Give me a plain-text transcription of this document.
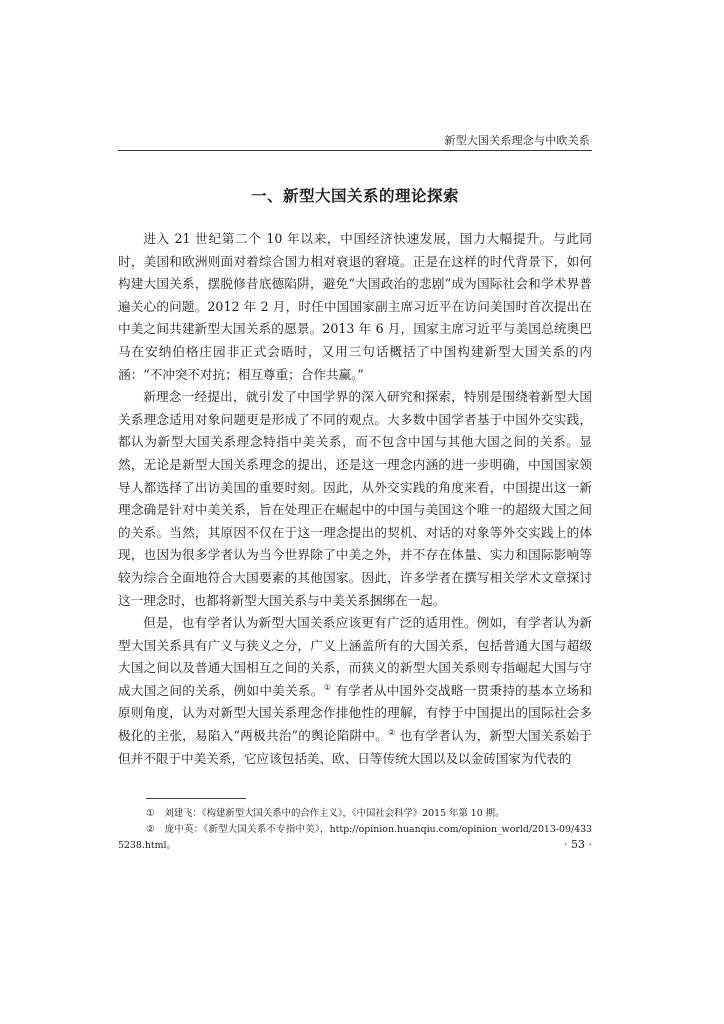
新型大国关系理念与中欧关系
一、新型大国关系的理论探索

进入 21 世纪第二个 10 年以来，中国经济快速发展，国力大幅提升。与此同时，美国和欧洲则面对着综合国力相对衰退的窘境。正是在这样的时代背景下，如何构建大国关系，摆脱修昔底德陷阱，避免“大国政治的悲剧”成为国际社会和学术界普遍关心的问题。2012 年 2 月，时任中国国家副主席习近平在访问美国时首次提出在中美之间共建新型大国关系的愿景。2013 年 6 月，国家主席习近平与美国总统奥巴马在安纳伯格庄园非正式会晤时，又用三句话概括了中国构建新型大国关系的内涵：“不冲突不对抗；相互尊重；合作共赢。”

新理念一经提出，就引发了中国学界的深入研究和探索，特别是围绕着新型大国关系理念适用对象问题更是形成了不同的观点。大多数中国学者基于中国外交实践，都认为新型大国关系理念特指中美关系，而不包含中国与其他大国之间的关系。显然，无论是新型大国关系理念的提出，还是这一理念内涵的进一步明确，中国国家领导人都选择了出访美国的重要时刻。因此，从外交实践的角度来看，中国提出这一新理念确是针对中美关系，旨在处理正在崛起中的中国与美国这个唯一的超级大国之间的关系。当然，其原因不仅在于这一理念提出的契机、对话的对象等外交实践上的体现，也因为很多学者认为当今世界除了中美之外，并不存在体量、实力和国际影响等较为综合全面地符合大国要素的其他国家。因此，许多学者在撰写相关学术文章探讨这一理念时，也都将新型大国关系与中美关系捆绑在一起。

但是，也有学者认为新型大国关系应该更有广泛的适用性。例如，有学者认为新型大国关系具有广义与狭义之分，广义上涵盖所有的大国关系，包括普通大国与超级大国之间以及普通大国相互之间的关系，而狭义的新型大国关系则专指崛起大国与守成大国之间的关系，例如中美关系。① 有学者从中国外交战略一贯秉持的基本立场和原则角度，认为对新型大国关系理念作排他性的理解，有悖于中国提出的国际社会多极化的主张，易陷入“两极共治”的舆论陷阱中。② 也有学者认为，新型大国关系始于但并不限于中美关系，它应该包括美、欧、日等传统大国以及以金砖国家为代表的

① 刘建飞：《构建新型大国关系中的合作主义》，《中国社会科学》2015 年第 10 期。

② 庞中英：《新型大国关系不专指中美》，http://opinion.huanqiu.com/opinion_world/2013-09/4335238.html。	· 53 ·
